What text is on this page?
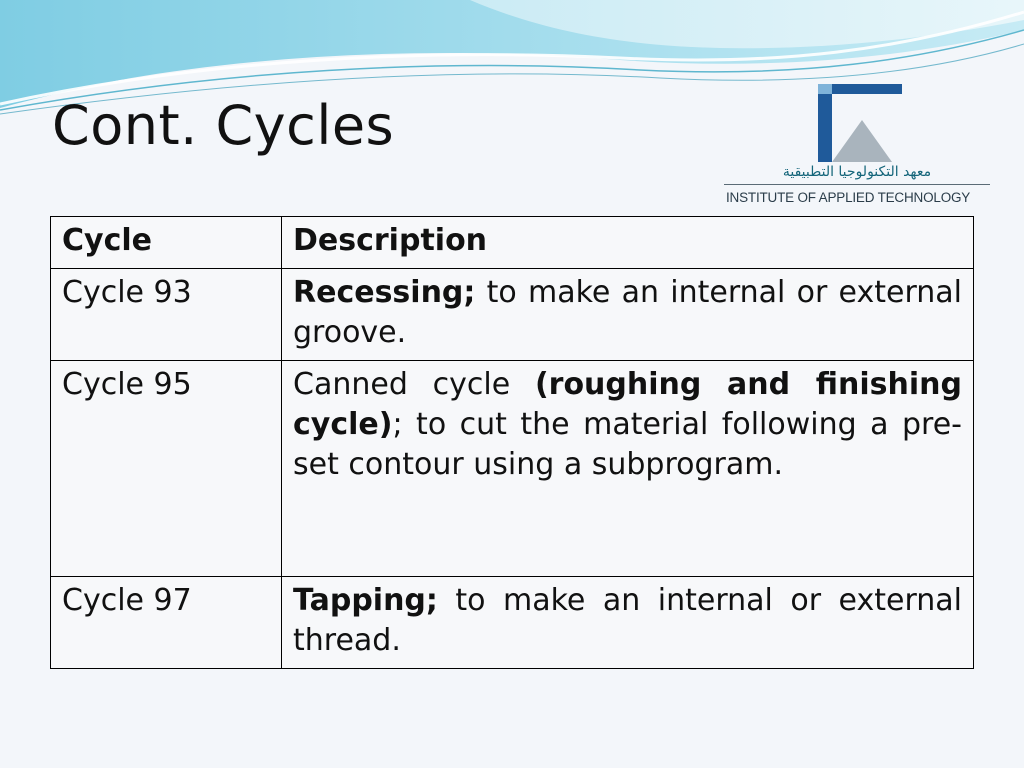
Cont. Cycles
معهد التكنولوجيا التطبيقية
INSTITUTE OF APPLIED TECHNOLOGY
Cycle	Description
Cycle 93	Recessing; to make an internal or external groove.
Cycle 95	Canned cycle (roughing and finishing cycle); to cut the material following a pre-set contour using a subprogram.
Cycle 97	Tapping; to make an internal or external thread.
